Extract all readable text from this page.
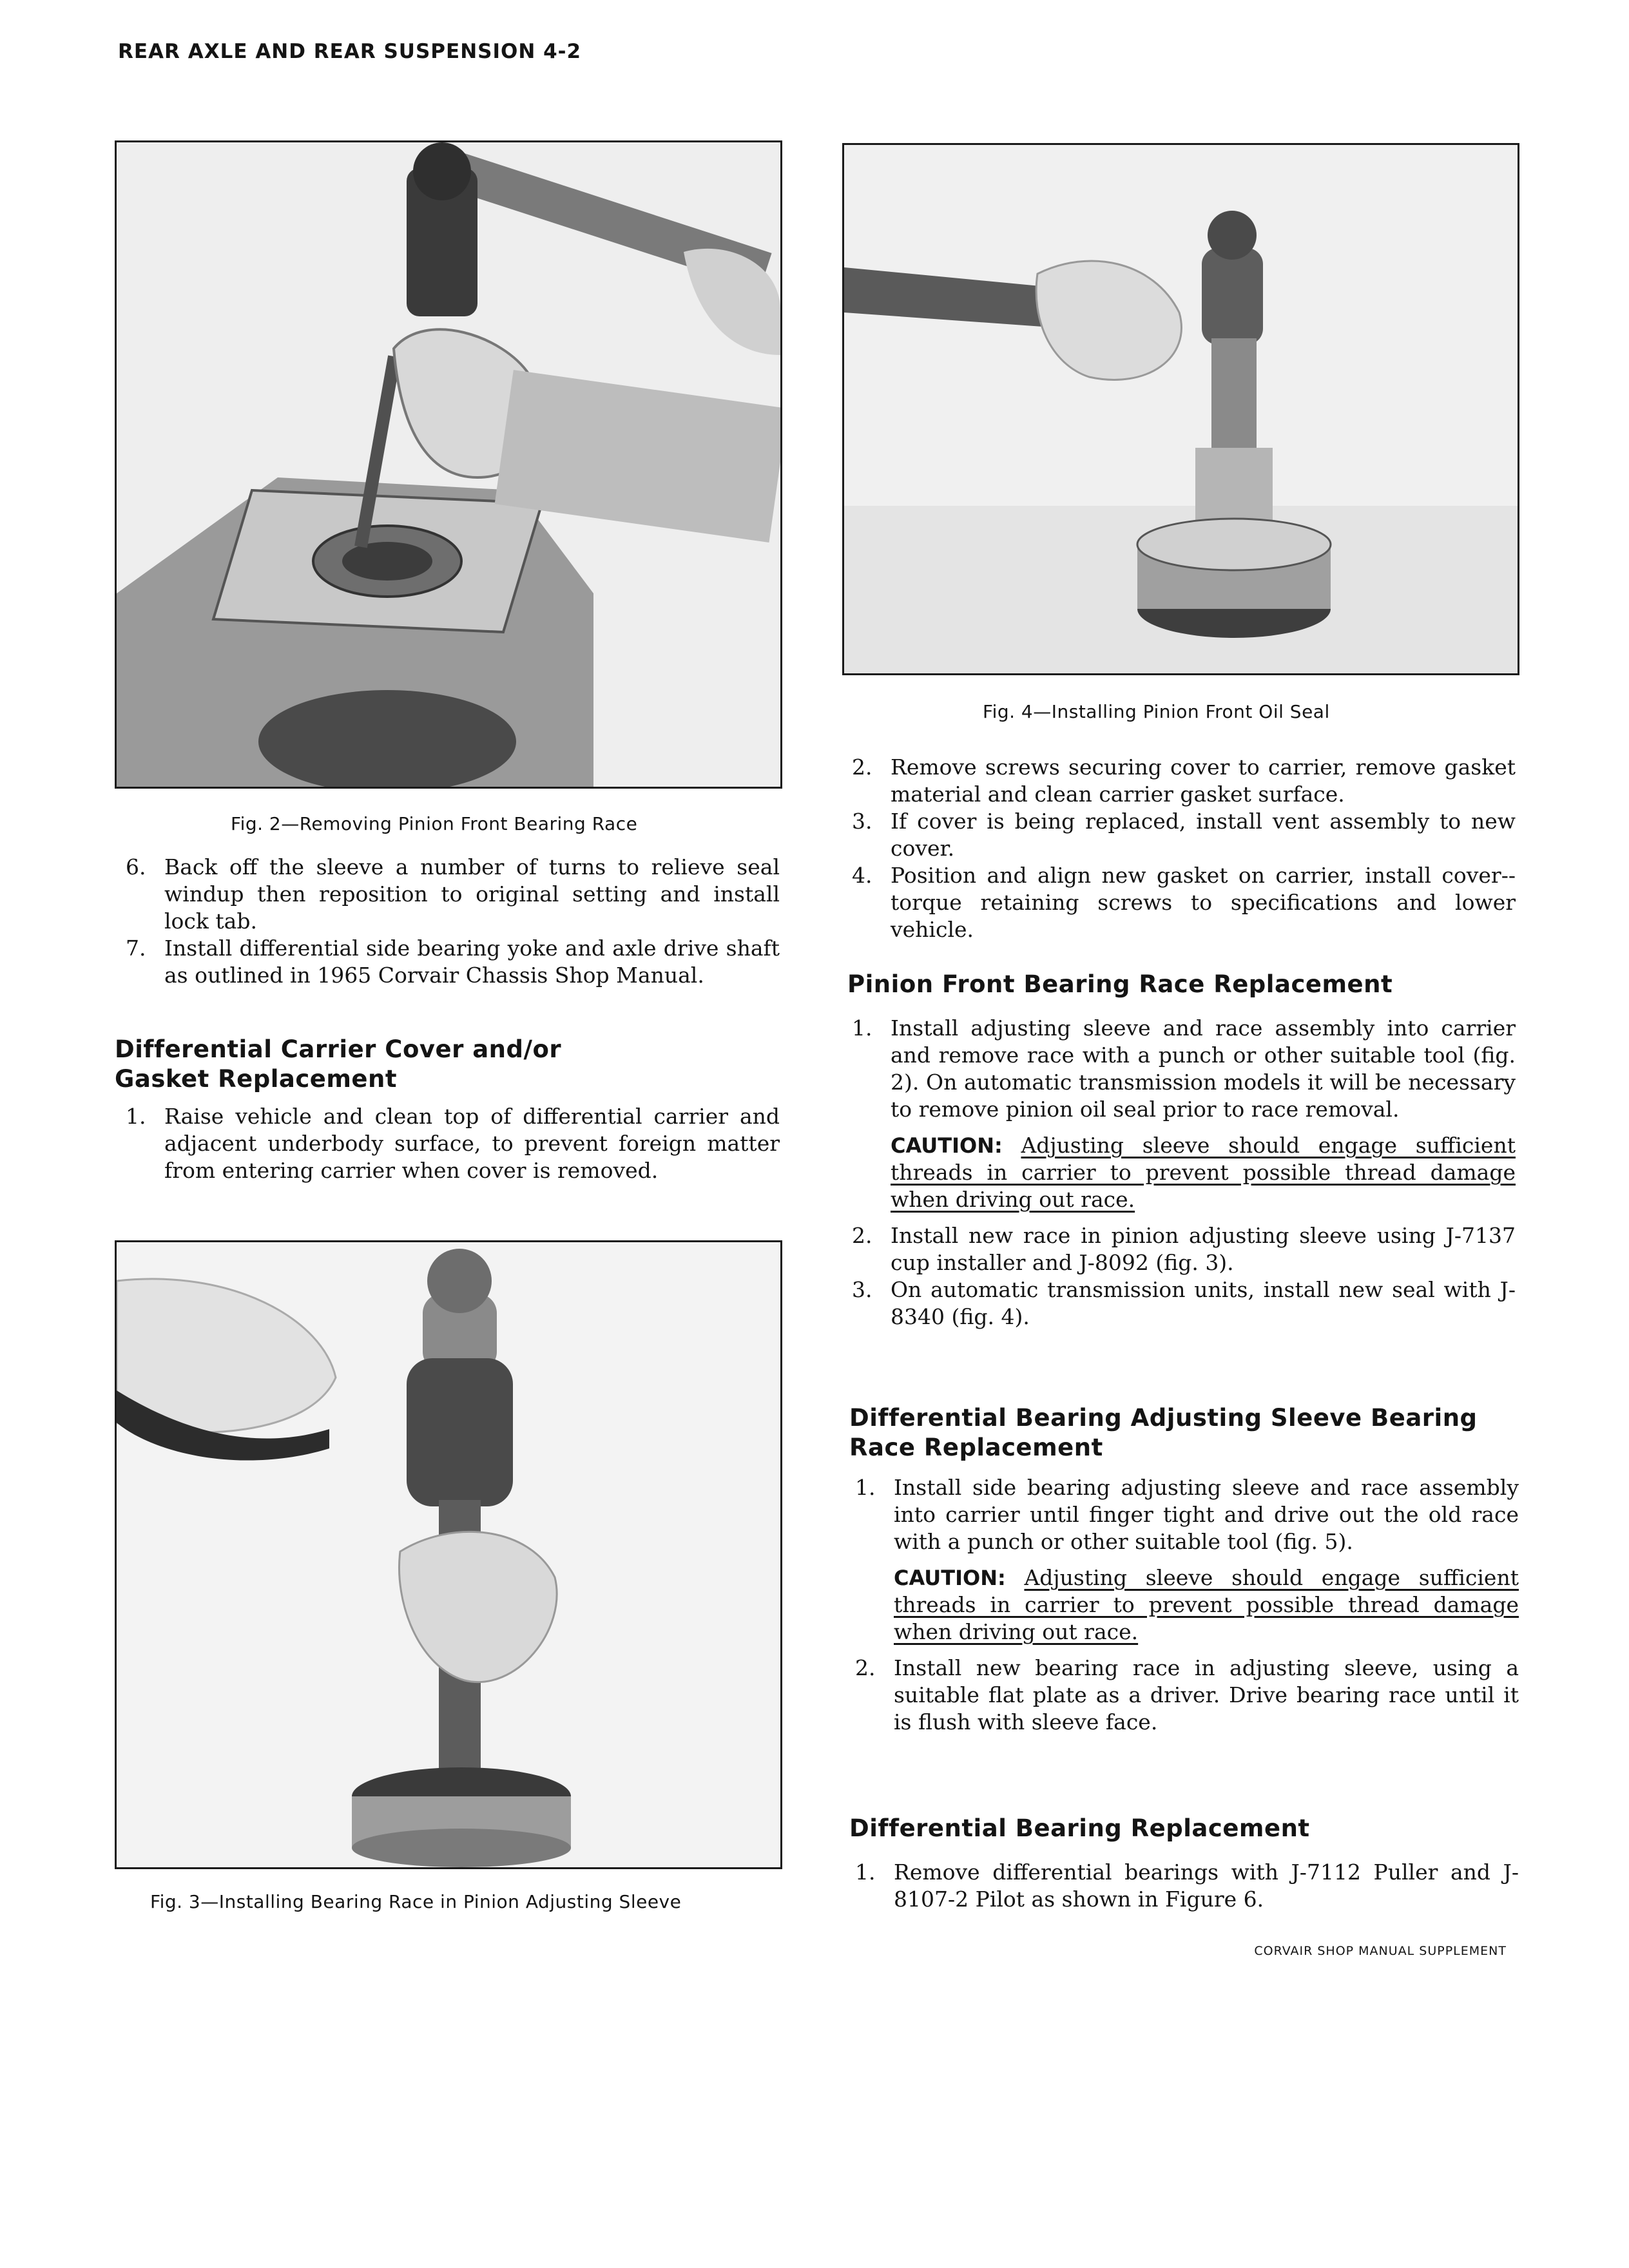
REAR AXLE AND REAR SUSPENSION 4-2
CORVAIR SHOP MANUAL SUPPLEMENT
Fig. 2—Removing Pinion Front Bearing Race
6. Back off the sleeve a number of turns to relieve seal windup then reposition to original setting and install lock tab.
7. Install differential side bearing yoke and axle drive shaft as outlined in 1965 Corvair Chassis Shop Manual.
Differential Carrier Cover and/or
Gasket Replacement
1. Raise vehicle and clean top of differential carrier and adjacent underbody surface, to prevent foreign matter from entering carrier when cover is removed.
Fig. 3—Installing Bearing Race in Pinion Adjusting Sleeve
Fig. 4—Installing Pinion Front Oil Seal
2. Remove screws securing cover to carrier, remove gasket material and clean carrier gasket surface.
3. If cover is being replaced, install vent assembly to new cover.
4. Position and align new gasket on carrier, install cover--torque retaining screws to specifications and lower vehicle.
Pinion Front Bearing Race Replacement
1. Install adjusting sleeve and race assembly into carrier and remove race with a punch or other suitable tool (fig. 2). On automatic transmission models it will be necessary to remove pinion oil seal prior to race removal.
CAUTION: Adjusting sleeve should engage sufficient threads in carrier to prevent possible thread damage when driving out race.
2. Install new race in pinion adjusting sleeve using J-7137 cup installer and J-8092 (fig. 3).
3. On automatic transmission units, install new seal with J-8340 (fig. 4).
Differential Bearing Adjusting Sleeve Bearing
Race Replacement
1. Install side bearing adjusting sleeve and race assembly into carrier until finger tight and drive out the old race with a punch or other suitable tool (fig. 5).
CAUTION: Adjusting sleeve should engage sufficient threads in carrier to prevent possible thread damage when driving out race.
2. Install new bearing race in adjusting sleeve, using a suitable flat plate as a driver. Drive bearing race until it is flush with sleeve face.
Differential Bearing Replacement
1. Remove differential bearings with J-7112 Puller and J-8107-2 Pilot as shown in Figure 6.
